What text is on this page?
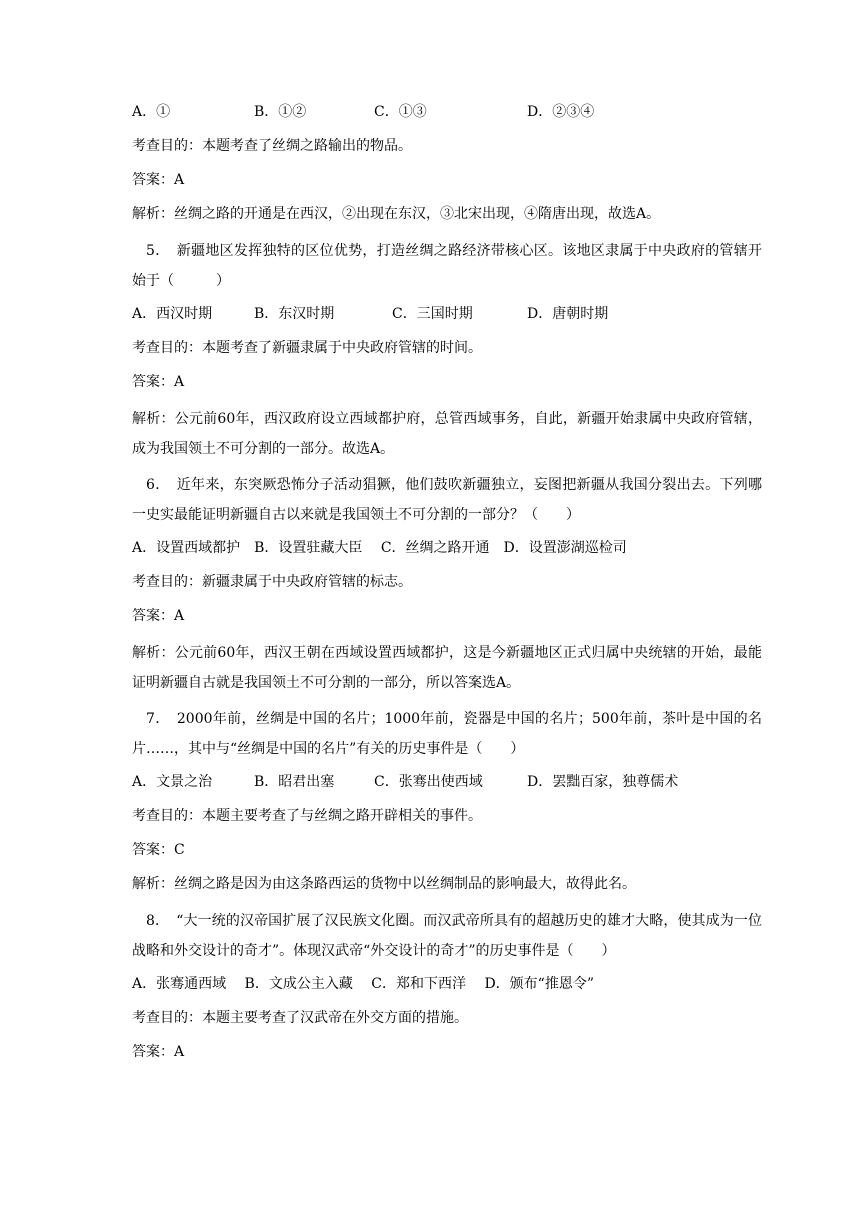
A．①	B．①②	C．①③	D．②③④
考查目的：本题考查了丝绸之路输出的物品。
答案：A
解析：丝绸之路的开通是在西汉，②出现在东汉，③北宋出现，④隋唐出现，故选A。

5．　新疆地区发挥独特的区位优势，打造丝绸之路经济带核心区。该地区隶属于中央政府的管辖开始于（　　　）

A．西汉时期	B．东汉时期	C．三国时期	D．唐朝时期
考查目的：本题考查了新疆隶属于中央政府管辖的时间。
答案：A

解析：公元前60年，西汉政府设立西域都护府，总管西域事务，自此，新疆开始隶属中央政府管辖，成为我国领土不可分割的一部分。故选A。

6．　近年来，东突厥恐怖分子活动猖獗，他们鼓吹新疆独立，妄图把新疆从我国分裂出去。下列哪一史实最能证明新疆自古以来就是我国领土不可分割的一部分？（　　）

A．设置西域都护　B．设置驻藏大臣　 C．丝绸之路开通　D．设置澎湖巡检司
考查目的：新疆隶属于中央政府管辖的标志。
答案：A

解析：公元前60年，西汉王朝在西域设置西域都护，这是今新疆地区正式归属中央统辖的开始，最能证明新疆自古就是我国领土不可分割的一部分，所以答案选A。

7．　2000年前，丝绸是中国的名片；1000年前，瓷器是中国的名片；500年前，茶叶是中国的名片……，其中与“丝绸是中国的名片”有关的历史事件是（　　）

A．文景之治	B．昭君出塞	C．张骞出使西域	D．罢黜百家，独尊儒术
考查目的：本题主要考查了与丝绸之路开辟相关的事件。
答案：C
解析：丝绸之路是因为由这条路西运的货物中以丝绸制品的影响最大，故得此名。

8．　“大一统的汉帝国扩展了汉民族文化圈。而汉武帝所具有的超越历史的雄才大略，使其成为一位战略和外交设计的奇才”。体现汉武帝“外交设计的奇才”的历史事件是（　　）

A．张骞通西域　 B．文成公主入藏　 C．郑和下西洋　 D．颁布“推恩令”
考查目的：本题主要考查了汉武帝在外交方面的措施。
答案：A
